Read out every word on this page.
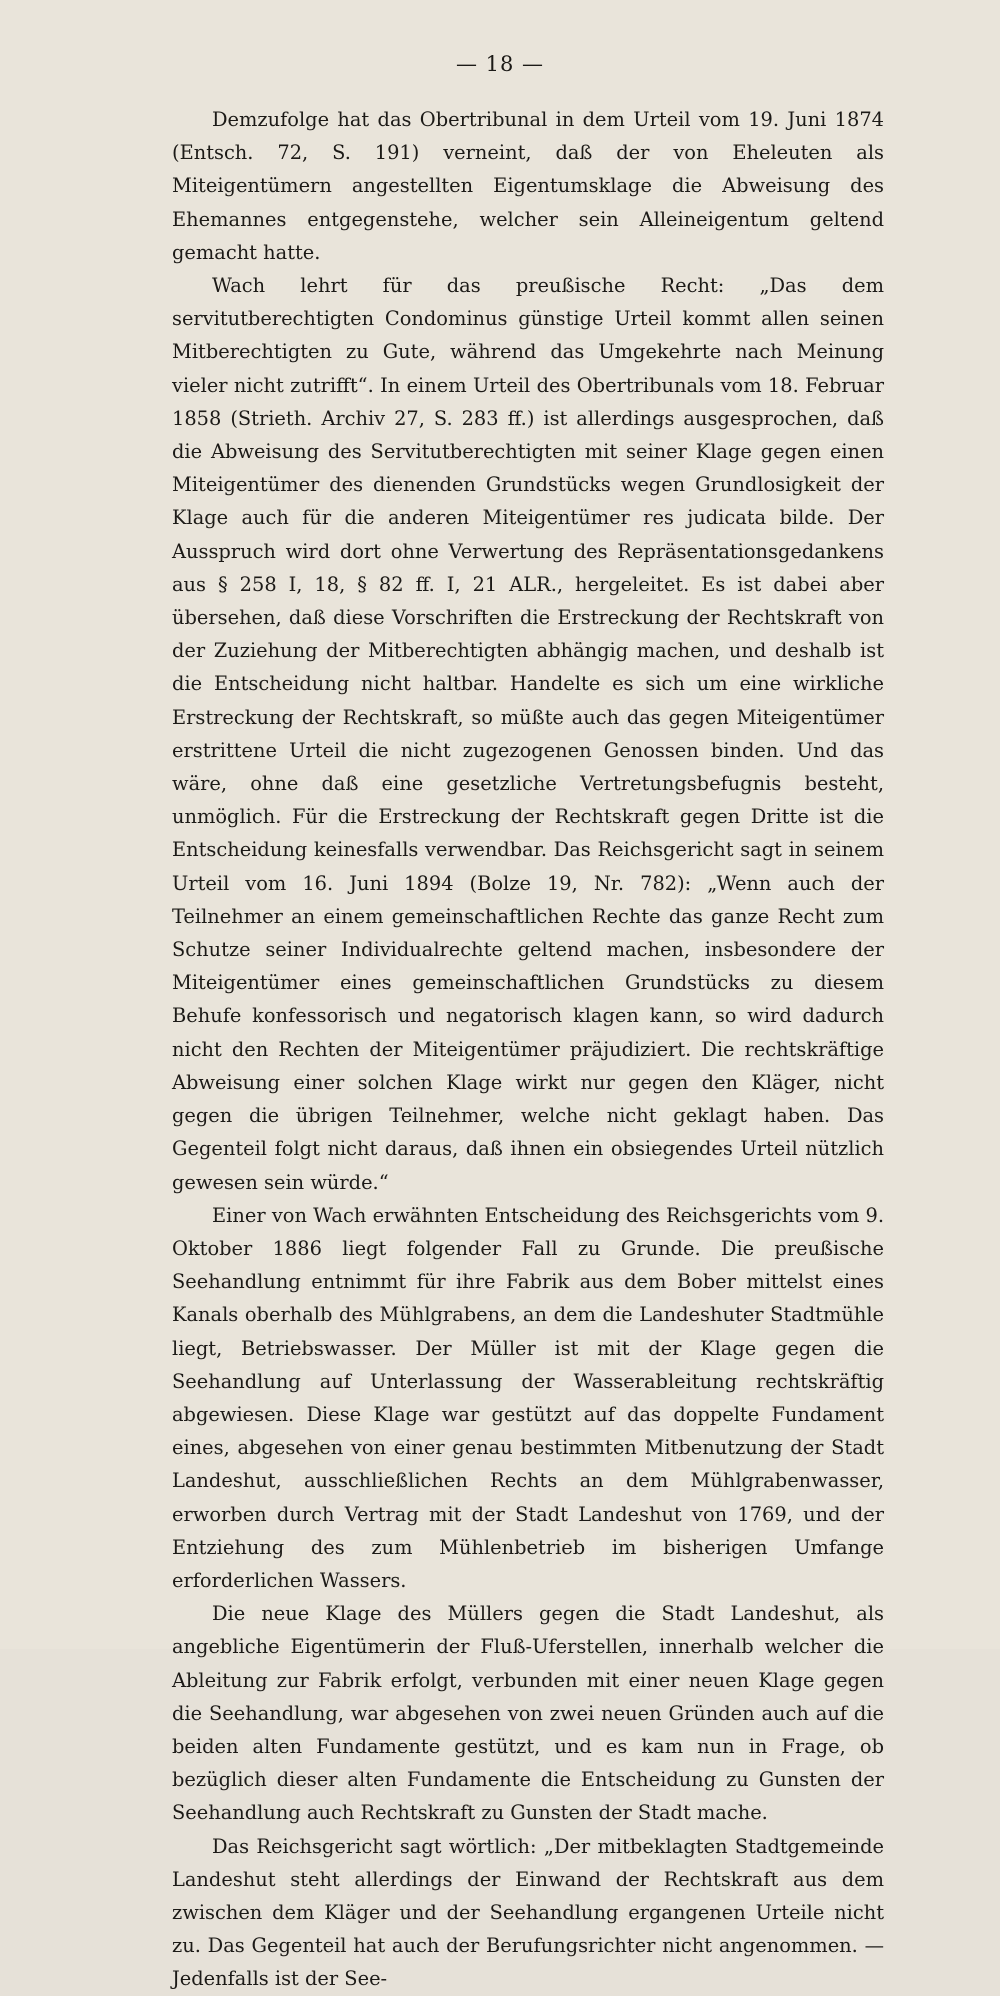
— 18 —

Demzufolge hat das Obertribunal in dem Urteil vom 19. Juni 1874 (Entsch. 72, S. 191) verneint, daß der von Eheleuten als Miteigentümern angestellten Eigentumsklage die Abweisung des Ehemannes entgegenstehe, welcher sein Alleineigentum geltend gemacht hatte.

Wach lehrt für das preußische Recht: „Das dem servitutberechtigten Condominus günstige Urteil kommt allen seinen Mitberechtigten zu Gute, während das Umgekehrte nach Meinung vieler nicht zutrifft“. In einem Urteil des Obertribunals vom 18. Februar 1858 (Strieth. Archiv 27, S. 283 ff.) ist allerdings ausgesprochen, daß die Abweisung des Servitutberechtigten mit seiner Klage gegen einen Miteigentümer des dienenden Grundstücks wegen Grundlosigkeit der Klage auch für die anderen Miteigentümer res judicata bilde. Der Ausspruch wird dort ohne Verwertung des Repräsentationsgedankens aus § 258 I, 18, § 82 ff. I, 21 ALR., hergeleitet. Es ist dabei aber übersehen, daß diese Vorschriften die Erstreckung der Rechtskraft von der Zuziehung der Mitberechtigten abhängig machen, und deshalb ist die Entscheidung nicht haltbar. Handelte es sich um eine wirkliche Erstreckung der Rechtskraft, so müßte auch das gegen Miteigentümer erstrittene Urteil die nicht zugezogenen Genossen binden. Und das wäre, ohne daß eine gesetzliche Vertretungsbefugnis besteht, unmöglich. Für die Erstreckung der Rechtskraft gegen Dritte ist die Entscheidung keinesfalls verwendbar. Das Reichsgericht sagt in seinem Urteil vom 16. Juni 1894 (Bolze 19, Nr. 782): „Wenn auch der Teilnehmer an einem gemeinschaftlichen Rechte das ganze Recht zum Schutze seiner Individualrechte geltend machen, insbesondere der Miteigentümer eines gemeinschaftlichen Grundstücks zu diesem Behufe konfessorisch und negatorisch klagen kann, so wird dadurch nicht den Rechten der Miteigentümer präjudiziert. Die rechtskräftige Abweisung einer solchen Klage wirkt nur gegen den Kläger, nicht gegen die übrigen Teilnehmer, welche nicht geklagt haben. Das Gegenteil folgt nicht daraus, daß ihnen ein obsiegendes Urteil nützlich gewesen sein würde.“

Einer von Wach erwähnten Entscheidung des Reichsgerichts vom 9. Oktober 1886 liegt folgender Fall zu Grunde. Die preußische Seehandlung entnimmt für ihre Fabrik aus dem Bober mittelst eines Kanals oberhalb des Mühlgrabens, an dem die Landeshuter Stadtmühle liegt, Betriebswasser. Der Müller ist mit der Klage gegen die Seehandlung auf Unterlassung der Wasserableitung rechtskräftig abgewiesen. Diese Klage war gestützt auf das doppelte Fundament eines, abgesehen von einer genau bestimmten Mitbenutzung der Stadt Landeshut, ausschließlichen Rechts an dem Mühlgrabenwasser, erworben durch Vertrag mit der Stadt Landeshut von 1769, und der Entziehung des zum Mühlenbetrieb im bisherigen Umfange erforderlichen Wassers.

Die neue Klage des Müllers gegen die Stadt Landeshut, als angebliche Eigentümerin der Fluß-Uferstellen, innerhalb welcher die Ableitung zur Fabrik erfolgt, verbunden mit einer neuen Klage gegen die Seehandlung, war abgesehen von zwei neuen Gründen auch auf die beiden alten Fundamente gestützt, und es kam nun in Frage, ob bezüglich dieser alten Fundamente die Entscheidung zu Gunsten der Seehandlung auch Rechtskraft zu Gunsten der Stadt mache.

Das Reichsgericht sagt wörtlich: „Der mitbeklagten Stadtgemeinde Landeshut steht allerdings der Einwand der Rechtskraft aus dem zwischen dem Kläger und der Seehandlung ergangenen Urteile nicht zu. Das Gegenteil hat auch der Berufungsrichter nicht angenommen. — Jedenfalls ist der See-
